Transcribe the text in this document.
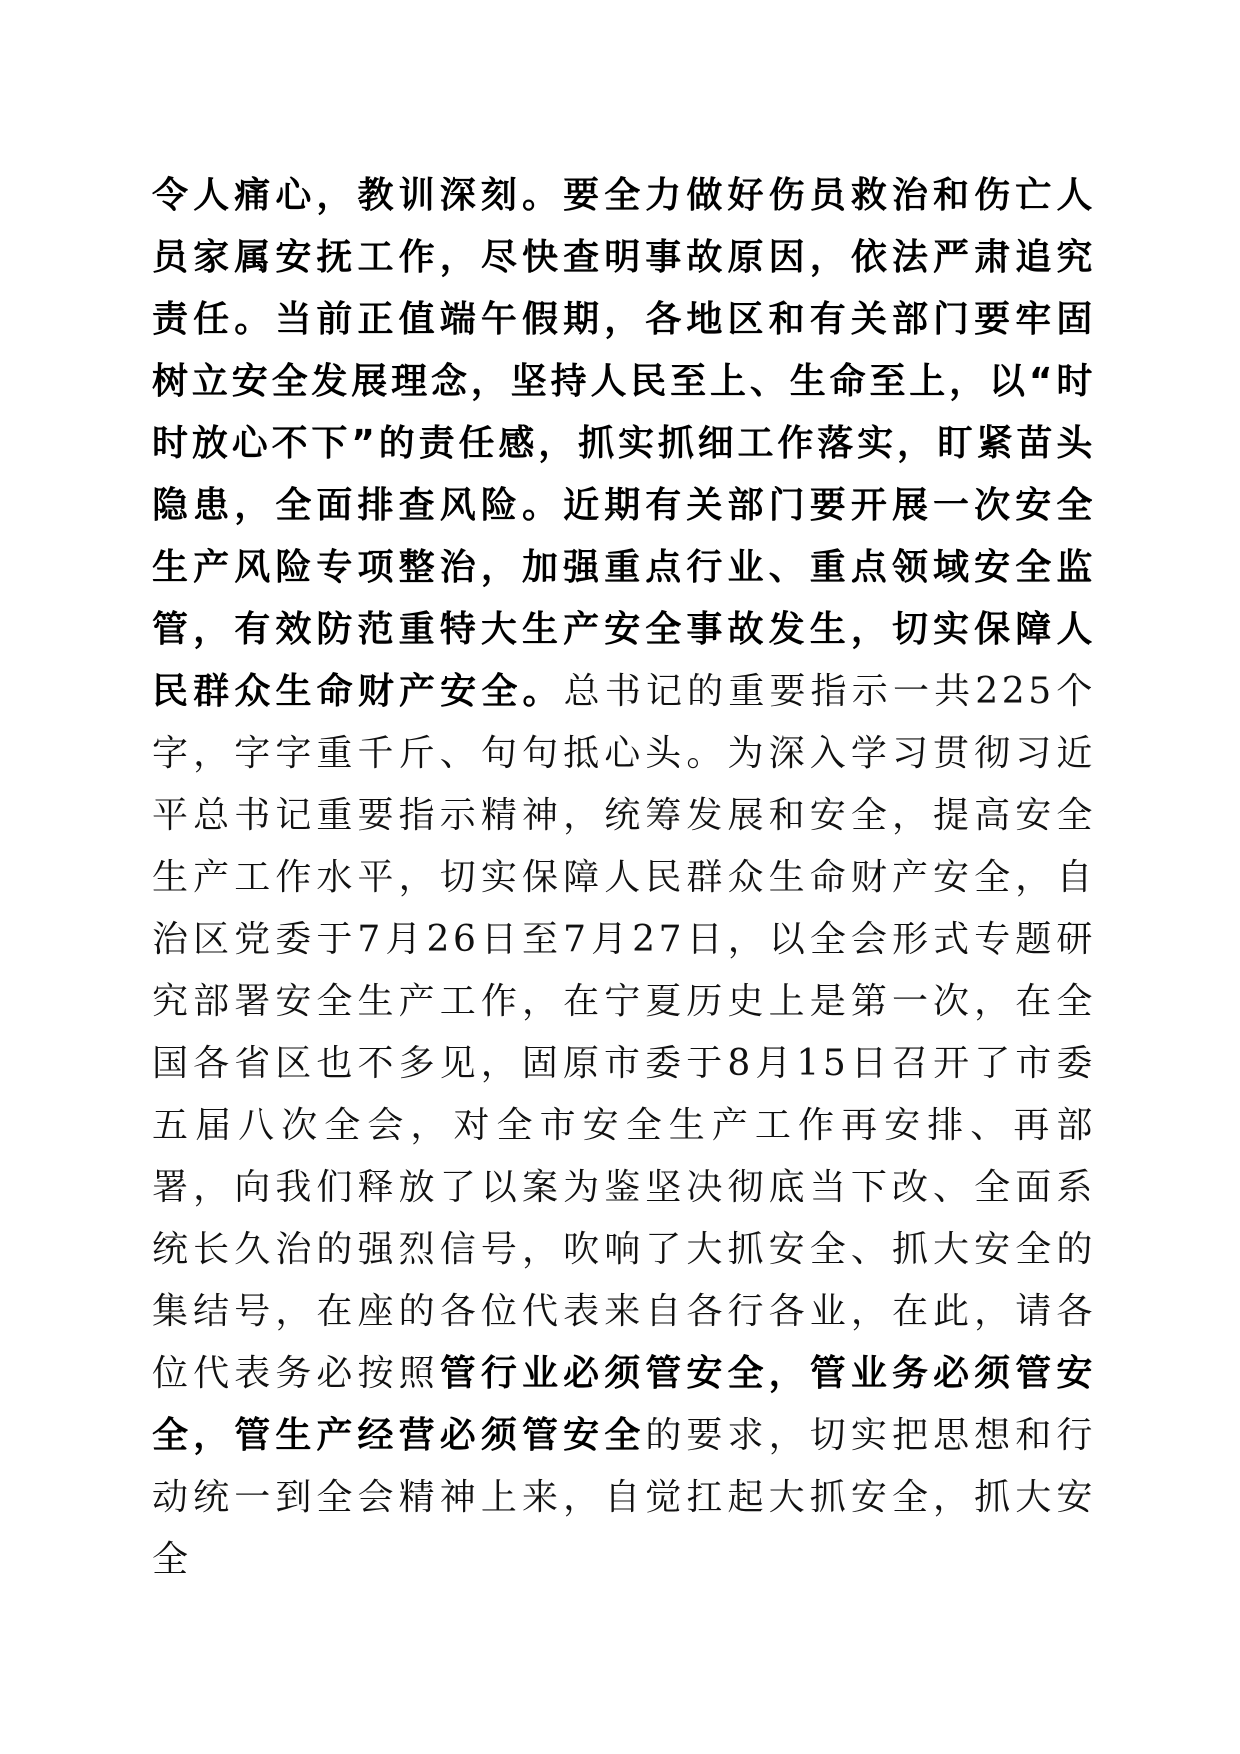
令人痛心，教训深刻。要全力做好伤员救治和伤亡人员家属安抚工作，尽快查明事故原因，依法严肃追究责任。当前正值端午假期，各地区和有关部门要牢固树立安全发展理念，坚持人民至上、生命至上，以“时时放心不下”的责任感，抓实抓细工作落实，盯紧苗头隐患，全面排查风险。近期有关部门要开展一次安全生产风险专项整治，加强重点行业、重点领域安全监管，有效防范重特大生产安全事故发生，切实保障人民群众生命财产安全。总书记的重要指示一共225个字，字字重千斤、句句抵心头。为深入学习贯彻习近平总书记重要指示精神，统筹发展和安全，提高安全生产工作水平，切实保障人民群众生命财产安全，自治区党委于7月26日至7月27日，以全会形式专题研究部署安全生产工作，在宁夏历史上是第一次，在全国各省区也不多见，固原市委于8月15日召开了市委五届八次全会，对全市安全生产工作再安排、再部署，向我们释放了以案为鉴坚决彻底当下改、全面系统长久治的强烈信号，吹响了大抓安全、抓大安全的集结号，在座的各位代表来自各行各业，在此，请各位代表务必按照管行业必须管安全，管业务必须管安全，管生产经营必须管安全的要求，切实把思想和行动统一到全会精神上来，自觉扛起大抓安全，抓大安全
